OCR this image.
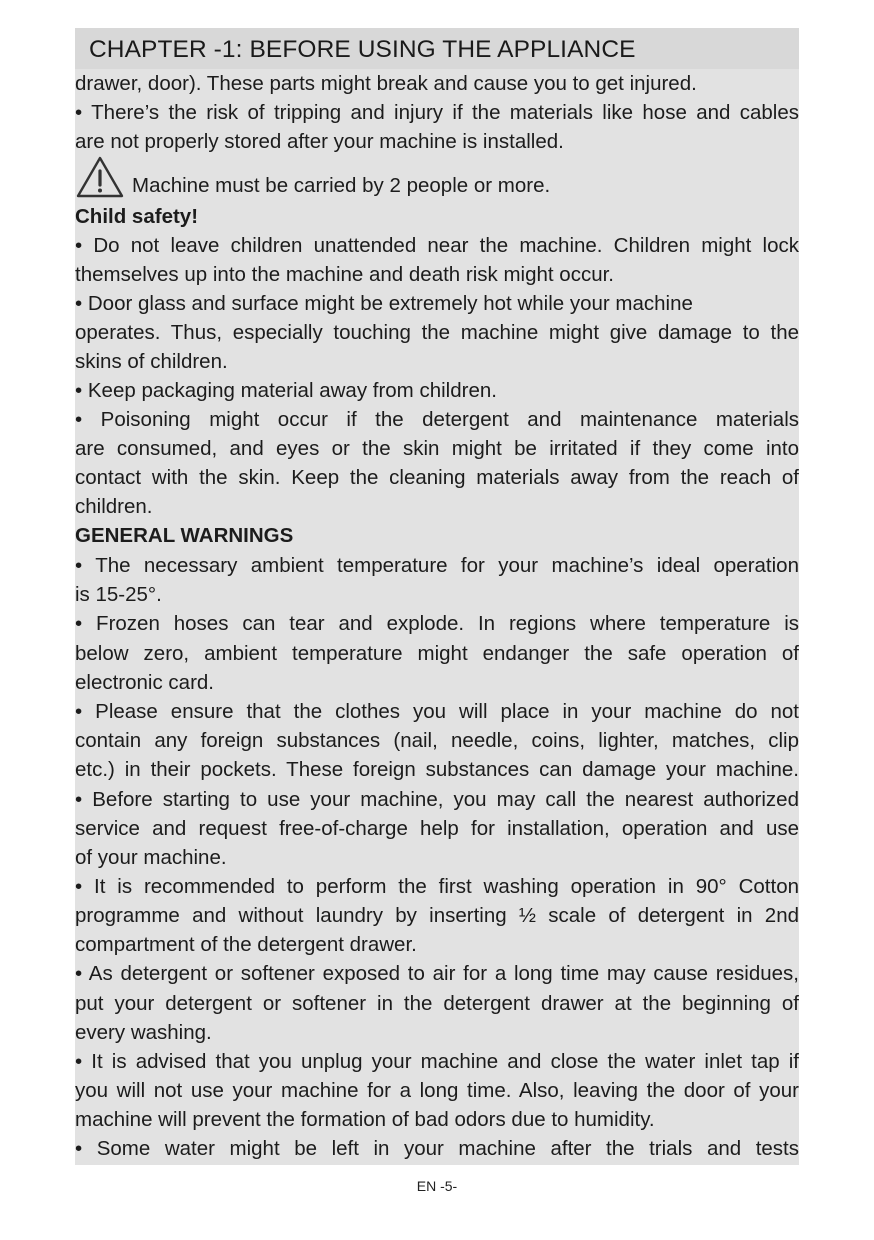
CHAPTER -1: BEFORE USING THE APPLIANCE
drawer, door). These parts might break and cause you to get injured.
• There’s the risk of tripping and injury if the materials like hose and cables
are not properly stored after your machine is installed.
Machine must be carried by 2 people or more.
Child safety!
• Do not leave children unattended near the machine. Children might lock
themselves up into the machine and death risk might occur.
• Door glass and surface might be extremely hot while your machine
operates. Thus, especially touching the machine might give damage to the
skins of children.
• Keep packaging material away from children.
• Poisoning might occur if the detergent and maintenance materials
are consumed, and eyes or the skin might be irritated if they come into
contact with the skin. Keep the cleaning materials away from the reach of
children.
GENERAL WARNINGS
• The necessary ambient temperature for your machine’s ideal operation
is 15-25°.
• Frozen hoses can tear and explode. In regions where temperature is
below zero, ambient temperature might endanger the safe operation of
electronic card.
• Please ensure that the clothes you will place in your machine do not
contain any foreign substances (nail, needle, coins, lighter, matches, clip
etc.) in their pockets. These foreign substances can damage your machine.
• Before starting to use your machine, you may call the nearest authorized
service and request free-of-charge help for installation, operation and use
of your machine.
• It is recommended to perform the first washing operation in 90° Cotton
programme and without laundry by inserting ½ scale of detergent in 2nd
compartment of the detergent drawer.
• As detergent or softener exposed to air for a long time may cause residues,
put your detergent or softener in the detergent drawer at the beginning of
every washing.
• It is advised that you unplug your machine and close the water inlet tap if
you will not use your machine for a long time. Also, leaving the door of your
machine will prevent the formation of bad odors due to humidity.
• Some water might be left in your machine after the trials and tests
EN -5-
